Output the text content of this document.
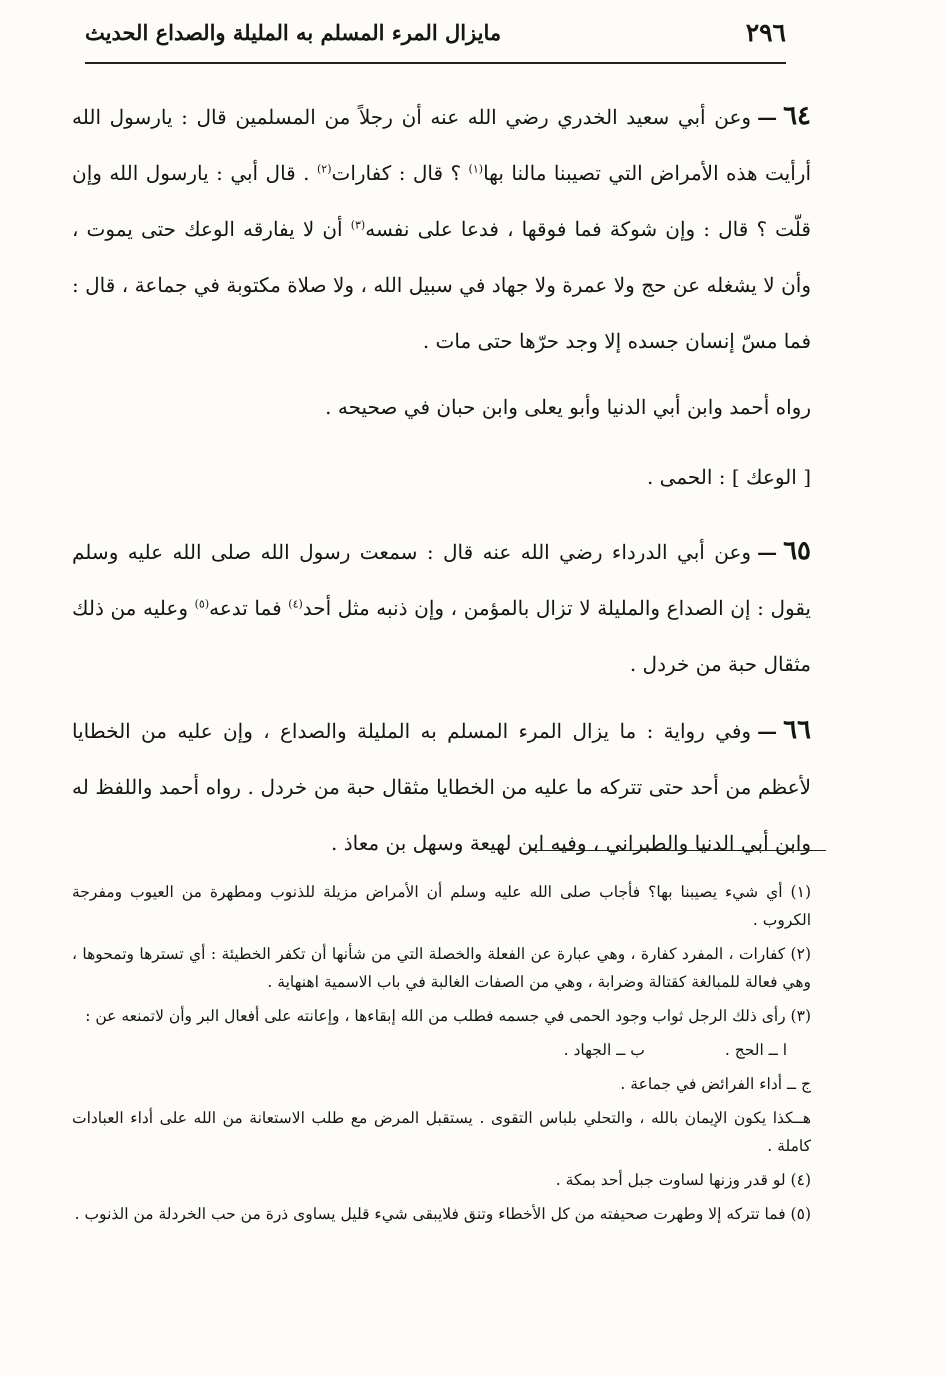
٢٩٦
مايزال المرء المسلم به المليلة والصداع الحديث

٦٤—وعن أبي سعيد الخدري رضي الله عنه أن رجلاً من المسلمين قال : يارسول الله أرأيت هذه الأمراض التي تصيبنا مالنا بها$^{(١)}$ ؟ قال : كفارات$^{(٢)}$ . قال أبي : يارسول الله وإن قلّت ؟ قال : وإن شوكة فما فوقها ، فدعا على نفسه$^{(٣)}$ أن لا يفارقه الوعك حتى يموت ، وأن لا يشغله عن حج ولا عمرة ولا جهاد في سبيل الله ، ولا صلاة مكتوبة في جماعة ، قال : فما مسّ إنسان جسده إلا وجد حرّها حتى مات .

رواه أحمد وابن أبي الدنيا وأبو يعلى وابن حبان في صحيحه .

[ الوعك ] : الحمى .

٦٥—وعن أبي الدرداء رضي الله عنه قال : سمعت رسول الله صلى الله عليه وسلم يقول : إن الصداع والمليلة لا تزال بالمؤمن ، وإن ذنبه مثل أحد$^{(٤)}$ فما تدعه$^{(٥)}$ وعليه من ذلك مثقال حبة من خردل .

٦٦—وفي رواية : ما يزال المرء المسلم به المليلة والصداع ، وإن عليه من الخطايا لأعظم من أحد حتى تتركه ما عليه من الخطايا مثقال حبة من خردل . رواه أحمد واللفظ له وابن أبي الدنيا والطبراني ، وفيه ابن لهيعة وسهل بن معاذ .

(١) أي شيء يصيبنا بها؟ فأجاب صلى الله عليه وسلم أن الأمراض مزيلة للذنوب ومطهرة من العيوب ومفرجة الكروب .

(٢) كفارات ، المفرد كفارة ، وهي عبارة عن الفعلة والخصلة التي من شأنها أن تكفر الخطيئة : أي تسترها وتمحوها ، وهي فعالة للمبالغة كقتالة وضرابة ، وهي من الصفات الغالبة في باب الاسمية اهنهاية .

(٣) رأى ذلك الرجل ثواب وجود الحمى في جسمه فطلب من الله إبقاءها ، وإعانته على أفعال البر وأن لاتمنعه عن :

ا ــ الحج .
ب ــ الجهاد .

ج ــ أداء الفرائض في جماعة .

هــكذا يكون الإيمان بالله ، والتحلي بلباس التقوى . يستقبل المرض مع طلب الاستعانة من الله على أداء العبادات كاملة .

(٤) لو قدر وزنها لساوت جبل أحد بمكة .

(٥) فما تتركه إلا وطهرت صحيفته من كل الأخطاء وتنق فلايبقى شيء قليل يساوى ذرة من حب الخردلة من الذنوب .
